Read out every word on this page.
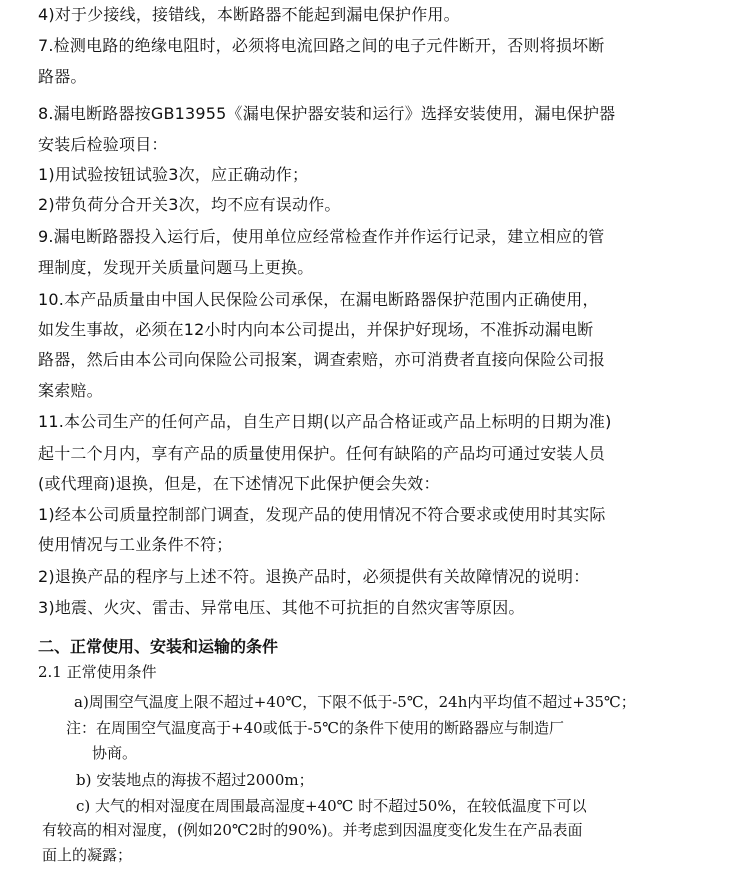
4)对于少接线，接错线，本断路器不能起到漏电保护作用。
7.检测电路的绝缘电阻时，必须将电流回路之间的电子元件断开，否则将损坏断
路器。
8.漏电断路器按GB13955《漏电保护器安装和运行》选择安装使用，漏电保护器
安装后检验项目：
1)用试验按钮试验3次，应正确动作；
2)带负荷分合开关3次，均不应有误动作。
9.漏电断路器投入运行后，使用单位应经常检查作并作运行记录，建立相应的管
理制度，发现开关质量问题马上更换。
10.本产品质量由中国人民保险公司承保，在漏电断路器保护范围内正确使用，
如发生事故，必须在12小时内向本公司提出，并保护好现场，不准拆动漏电断
路器，然后由本公司向保险公司报案，调查索赔，亦可消费者直接向保险公司报
案索赔。
11.本公司生产的任何产品，自生产日期(以产品合格证或产品上标明的日期为准)
起十二个月内，享有产品的质量使用保护。任何有缺陷的产品均可通过安装人员
(或代理商)退换，但是，在下述情况下此保护便会失效：
1)经本公司质量控制部门调查，发现产品的使用情况不符合要求或使用时其实际
使用情况与工业条件不符；
2)退换产品的程序与上述不符。退换产品时，必须提供有关故障情况的说明：
3)地震、火灾、雷击、异常电压、其他不可抗拒的自然灾害等原因。
二、正常使用、安装和运输的条件
2.1 正常使用条件
a)周围空气温度上限不超过+40℃，下限不低于-5℃，24h内平均值不超过+35℃；
注：在周围空气温度高于+40或低于-5℃的条件下使用的断路器应与制造厂
协商。
b) 安装地点的海拔不超过2000m；
c) 大气的相对湿度在周围最高湿度+40℃ 时不超过50%，在较低温度下可以
有较高的相对湿度，(例如20℃2时的90%)。并考虑到因温度变化发生在产品表面
面上的凝露；
